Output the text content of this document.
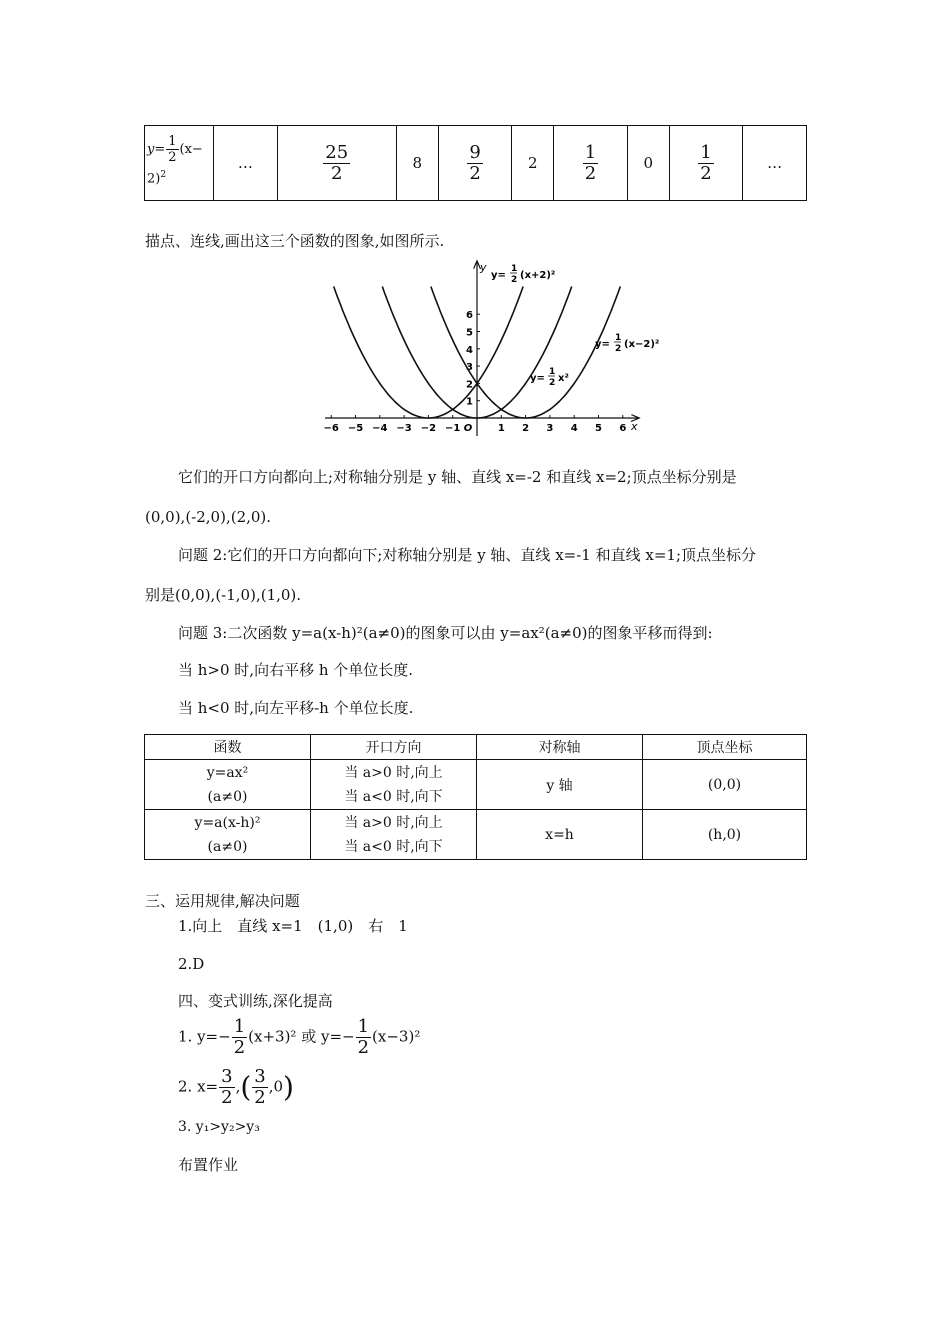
$y= \frac{1}{2} (x-$
2)$^2$	…	$\frac{25}{2}$	8	$\frac{9}{2}$	2	$\frac{1}{2}$	0	$\frac{1}{2}$	…
描点、连线,画出这三个函数的图象,如图所示.
−6 −5 −4 −3 −2 −1 O	1 2 3 4 5 6
1
2
3
4
5
6
x
y
y=
1
2 (x+2)²
y=
1
2 (x−2)²
y=
1
2 x²
它们的开口方向都向上;对称轴分别是 y 轴、直线 x=-2 和直线 x=2;顶点坐标分别是
(0,0),(-2,0),(2,0).
问题 2:它们的开口方向都向下;对称轴分别是 y 轴、直线 x=-1 和直线 x=1;顶点坐标分
别是(0,0),(-1,0),(1,0).
问题 3:二次函数 y=a(x-h)²(a≠0)的图象可以由 y=ax²(a≠0)的图象平移而得到:
当 h>0 时,向右平移 h 个单位长度.
当 h<0 时,向左平移-h 个单位长度.
函数	开口方向	对称轴	顶点坐标
y=ax²
(a≠0)	当 a>0 时,向上
当 a<0 时,向下	y 轴	(0,0)
y=a(x-h)²
(a≠0)	当 a>0 时,向上
当 a<0 时,向下	x=h	(h,0)
三、运用规律,解决问题
1.向上　直线 x=1　(1,0)　右　1
2.D
四、变式训练,深化提高
1. $y=- \frac{1}{2} (x+3)^2$ 或 $y=- \frac{1}{2} (x-3)^2$
2. $x= \frac{3}{2}$ ,( $\frac{3}{2} ,0$)
3. y₁>y₂>y₃
布置作业
